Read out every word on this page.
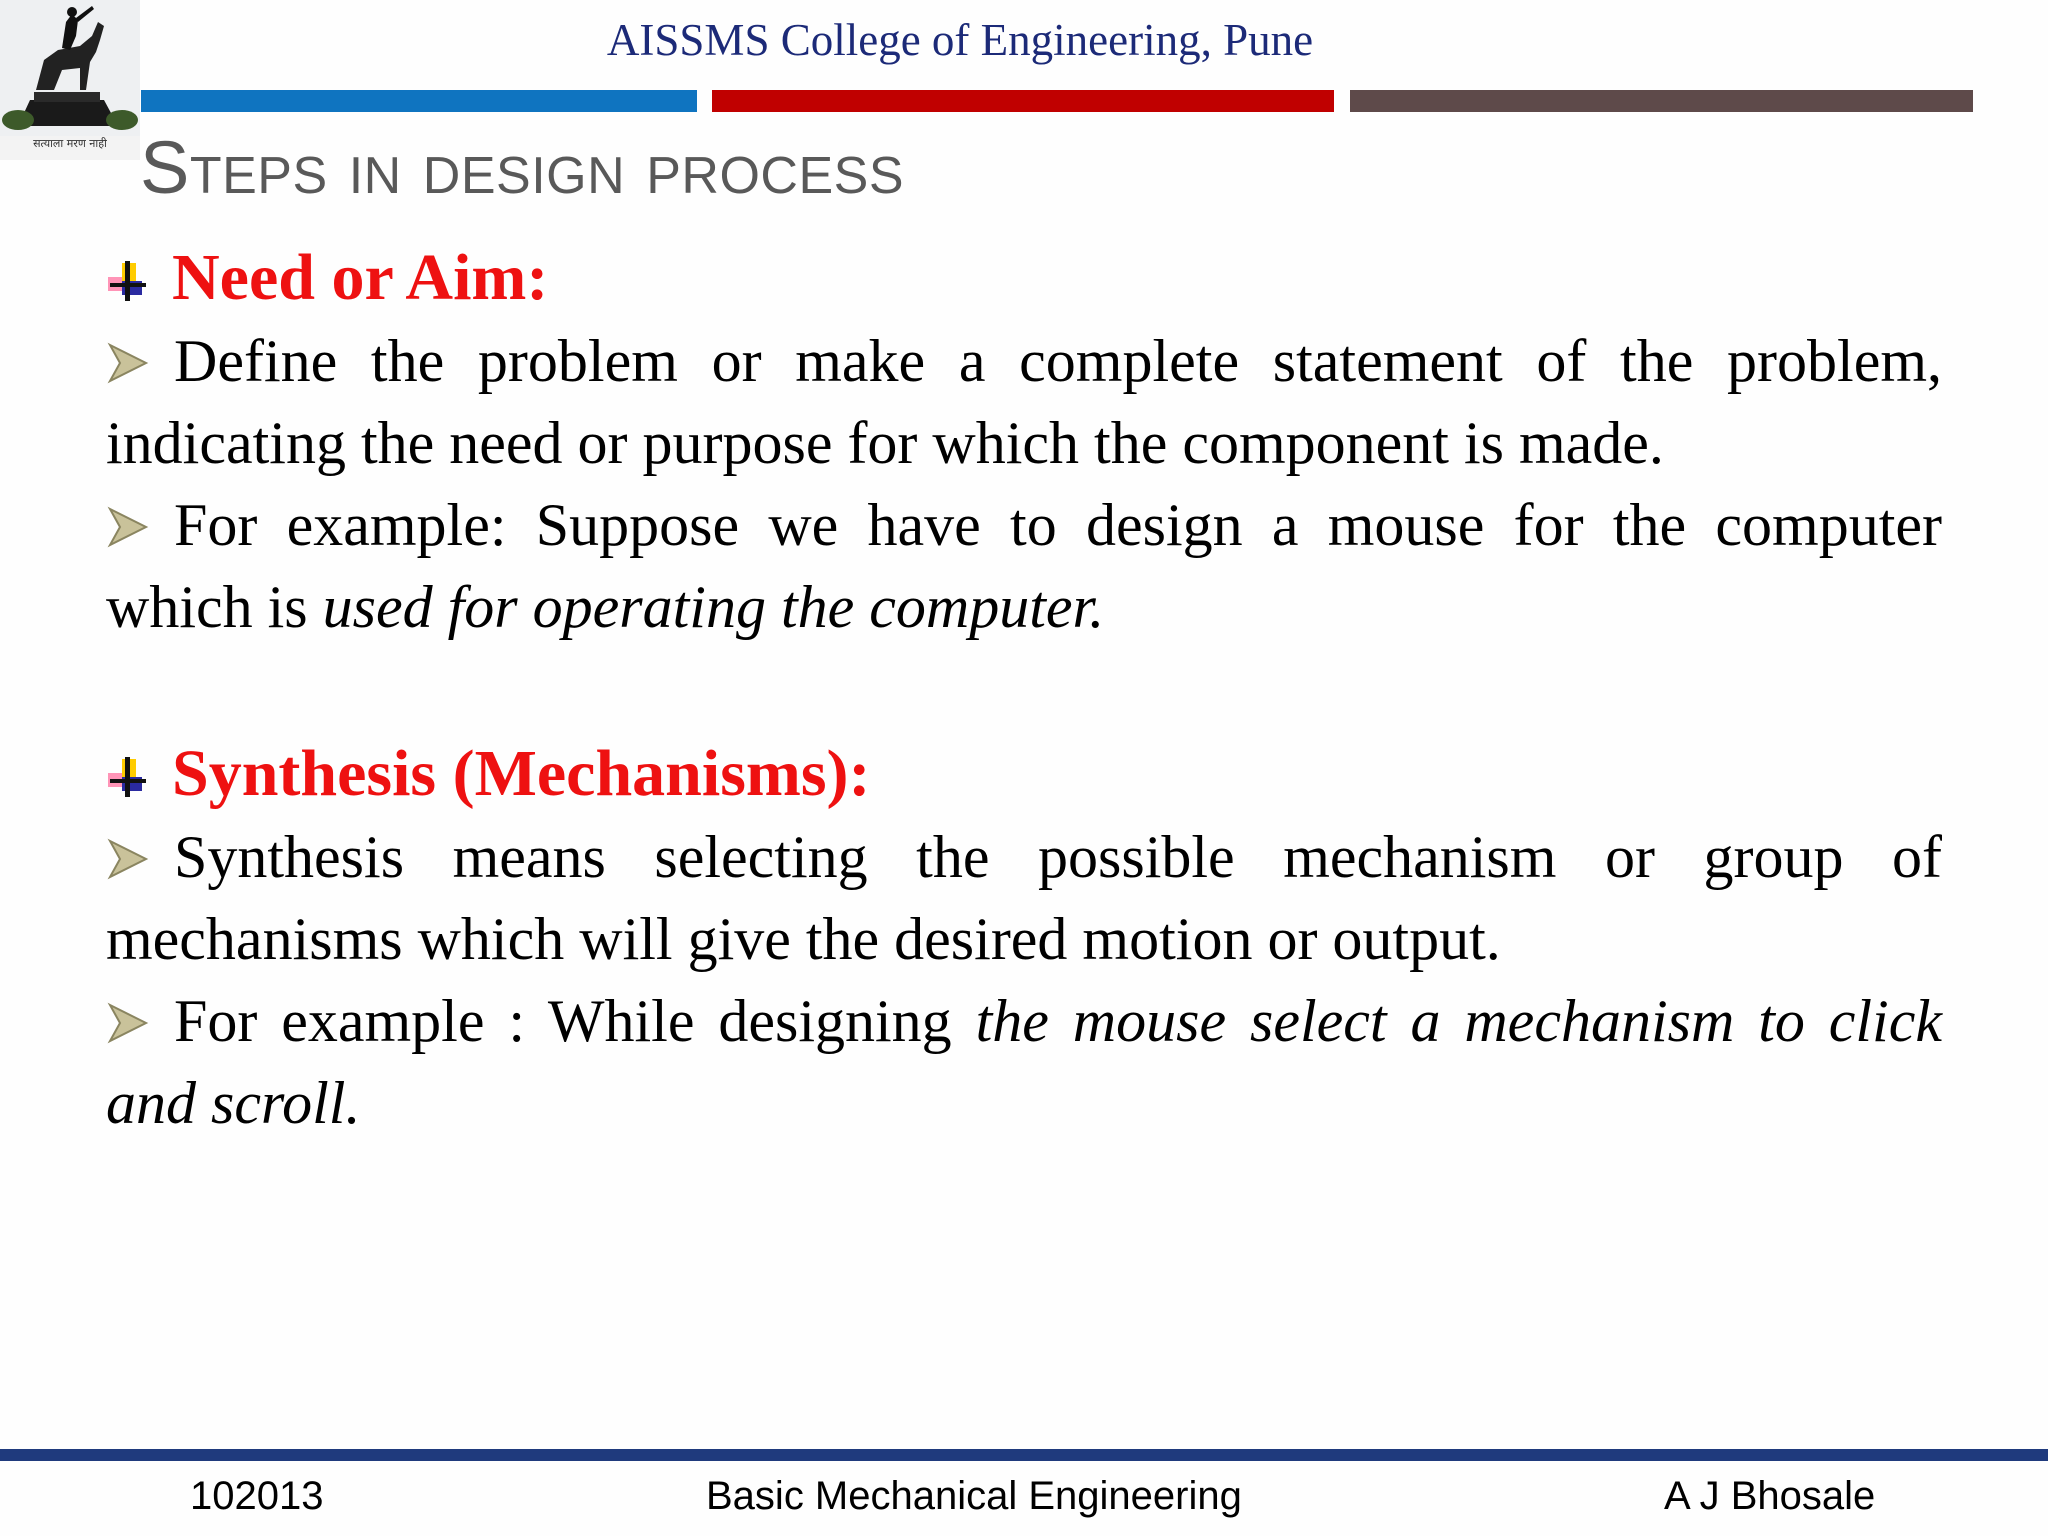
सत्याला मरण नाही
AISSMS College of Engineering, Pune
Steps in design process
Need or Aim:
Define the problem or make a complete statement of the problem, indicating the need or purpose for which the component is made.
For example: Suppose we have to design a mouse for the computer which is used for operating the computer.
Synthesis (Mechanisms):
Synthesis means selecting the possible mechanism or group of mechanisms which will give the desired motion or output.
For example : While designing the mouse select a mechanism to click and scroll.
102013	Basic Mechanical Engineering	A J Bhosale
